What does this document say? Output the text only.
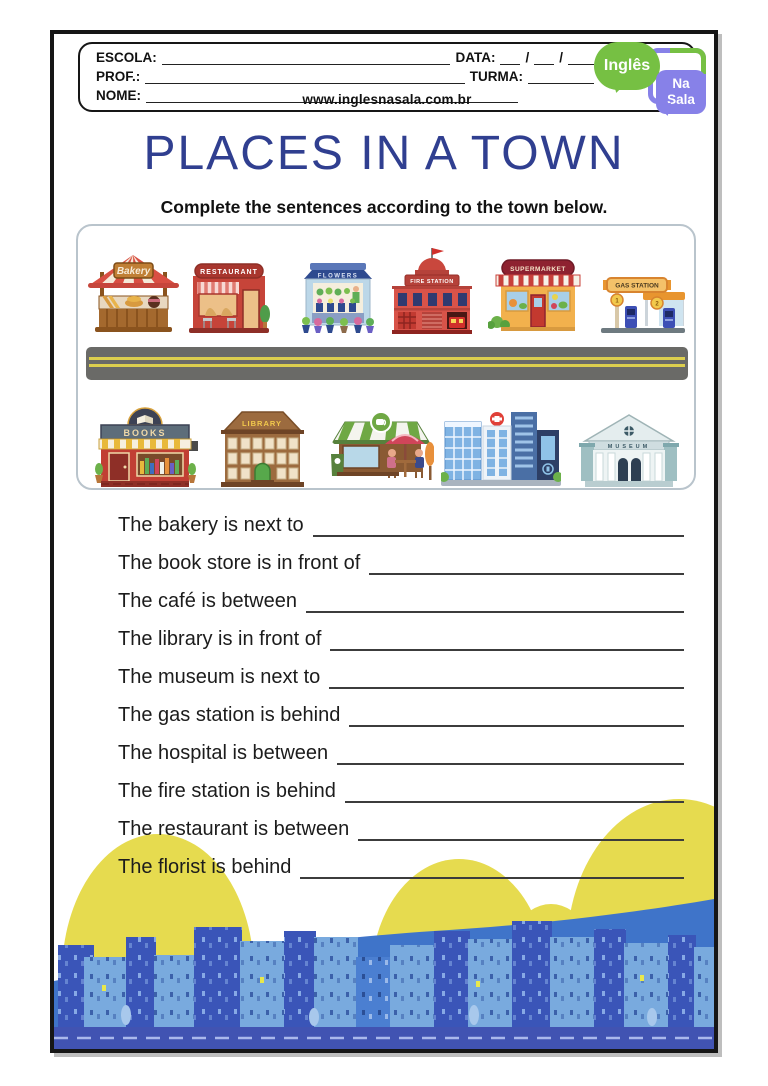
ESCOLA:	DATA: / /
PROF.:	TURMA:
NOME:	www.inglesnasala.com.br
Inglês
Na
Sala
PLACES IN A TOWN
Complete the sentences according to the town below.
Bakery	RESTAURANT
FLOWERS
FIRE STATION
SUPERMARKET
GAS STATION
1	2
BOOKS
LIBRARY
MUSEUM
The bakery is next to
The book store is in front of
The café is between
The library is in front of
The museum is next to
The gas station is behind
The hospital is between
The fire station is behind
The restaurant is between
The florist is behind
